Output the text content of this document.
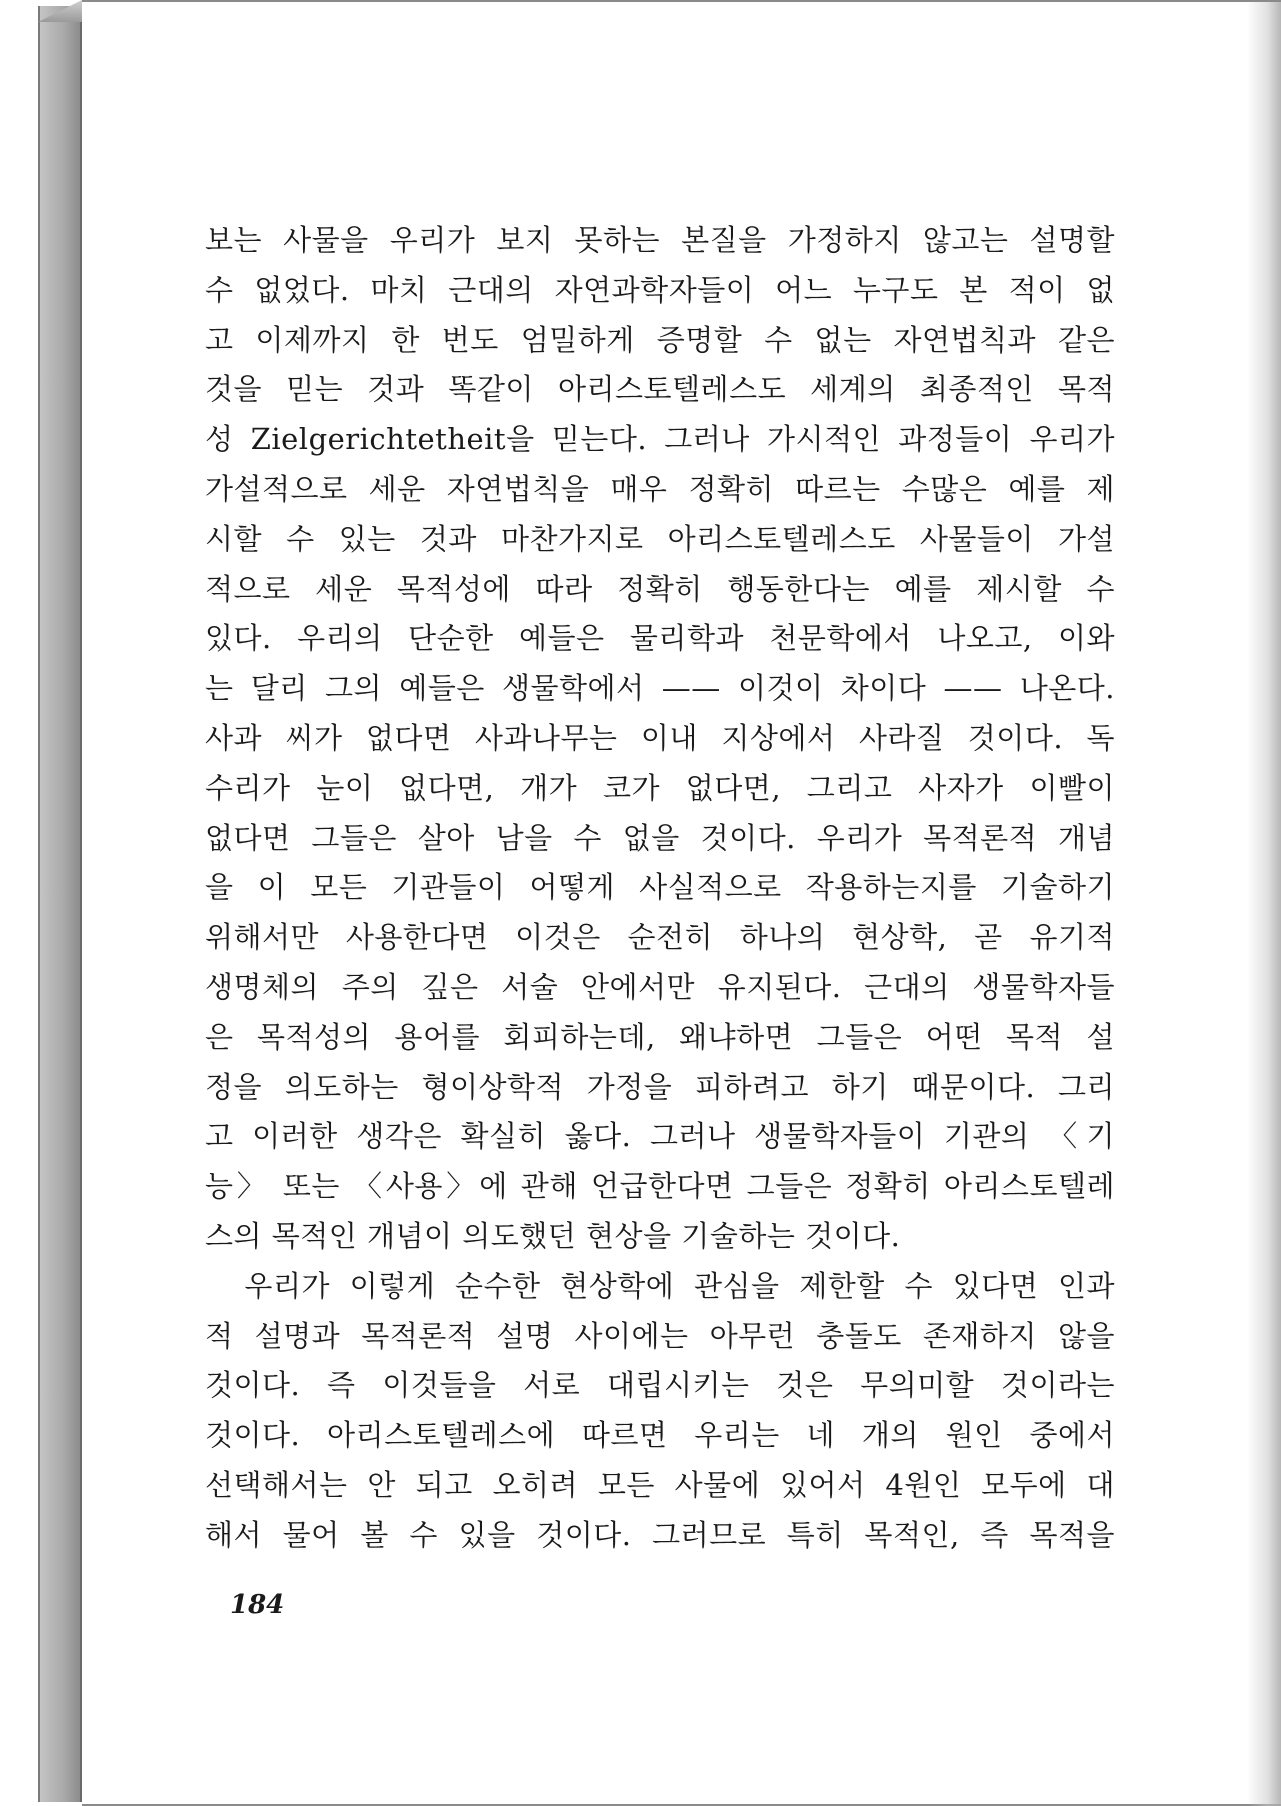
보는 사물을 우리가 보지 못하는 본질을 가정하지 않고는 설명할
수 없었다. 마치 근대의 자연과학자들이 어느 누구도 본 적이 없
고 이제까지 한 번도 엄밀하게 증명할 수 없는 자연법칙과 같은
것을 믿는 것과 똑같이 아리스토텔레스도 세계의 최종적인 목적
성 Zielgerichtetheit을 믿는다. 그러나 가시적인 과정들이 우리가
가설적으로 세운 자연법칙을 매우 정확히 따르는 수많은 예를 제
시할 수 있는 것과 마찬가지로 아리스토텔레스도 사물들이 가설
적으로 세운 목적성에 따라 정확히 행동한다는 예를 제시할 수
있다. 우리의 단순한 예들은 물리학과 천문학에서 나오고, 이와
는 달리 그의 예들은 생물학에서 —— 이것이 차이다 —— 나온다.
사과 씨가 없다면 사과나무는 이내 지상에서 사라질 것이다. 독
수리가 눈이 없다면, 개가 코가 없다면, 그리고 사자가 이빨이
없다면 그들은 살아 남을 수 없을 것이다. 우리가 목적론적 개념
을 이 모든 기관들이 어떻게 사실적으로 작용하는지를 기술하기
위해서만 사용한다면 이것은 순전히 하나의 현상학, 곧 유기적
생명체의 주의 깊은 서술 안에서만 유지된다. 근대의 생물학자들
은 목적성의 용어를 회피하는데, 왜냐하면 그들은 어떤 목적 설
정을 의도하는 형이상학적 가정을 피하려고 하기 때문이다. 그리
고 이러한 생각은 확실히 옳다. 그러나 생물학자들이 기관의 〈기
능〉 또는 〈사용〉에 관해 언급한다면 그들은 정확히 아리스토텔레
스의 목적인 개념이 의도했던 현상을 기술하는 것이다.
우리가 이렇게 순수한 현상학에 관심을 제한할 수 있다면 인과
적 설명과 목적론적 설명 사이에는 아무런 충돌도 존재하지 않을
것이다. 즉 이것들을 서로 대립시키는 것은 무의미할 것이라는
것이다. 아리스토텔레스에 따르면 우리는 네 개의 원인 중에서
선택해서는 안 되고 오히려 모든 사물에 있어서 4원인 모두에 대
해서 물어 볼 수 있을 것이다. 그러므로 특히 목적인, 즉 목적을
184
